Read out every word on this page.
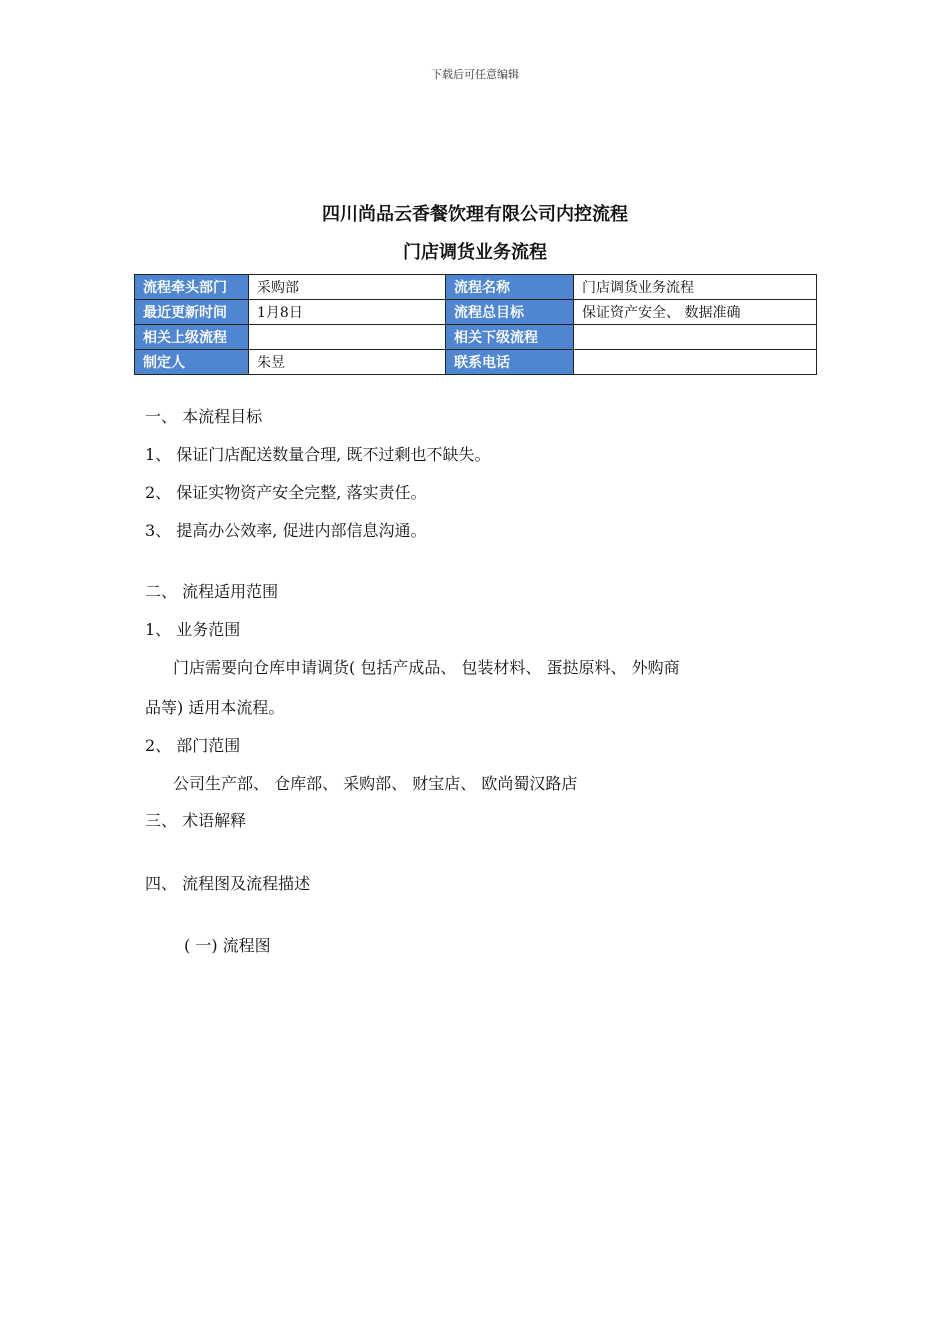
下载后可任意编辑
四川尚品云香餐饮理有限公司内控流程
门店调货业务流程
流程牵头部门	采购部	流程名称	门店调货业务流程
最近更新时间	1月8日	流程总目标	保证资产安全、 数据准确
相关上级流程		相关下级流程	
制定人	朱昱	联系电话	
一、 本流程目标
1、 保证门店配送数量合理, 既不过剩也不缺失。
2、 保证实物资产安全完整, 落实责任。
3、 提高办公效率, 促进内部信息沟通。
二、 流程适用范围
1、 业务范围
门店需要向仓库申请调货( 包括产成品、 包装材料、 蛋挞原料、 外购商
品等) 适用本流程。
2、 部门范围
公司生产部、 仓库部、 采购部、 财宝店、 欧尚蜀汉路店
三、 术语解释
四、 流程图及流程描述
( 一) 流程图
